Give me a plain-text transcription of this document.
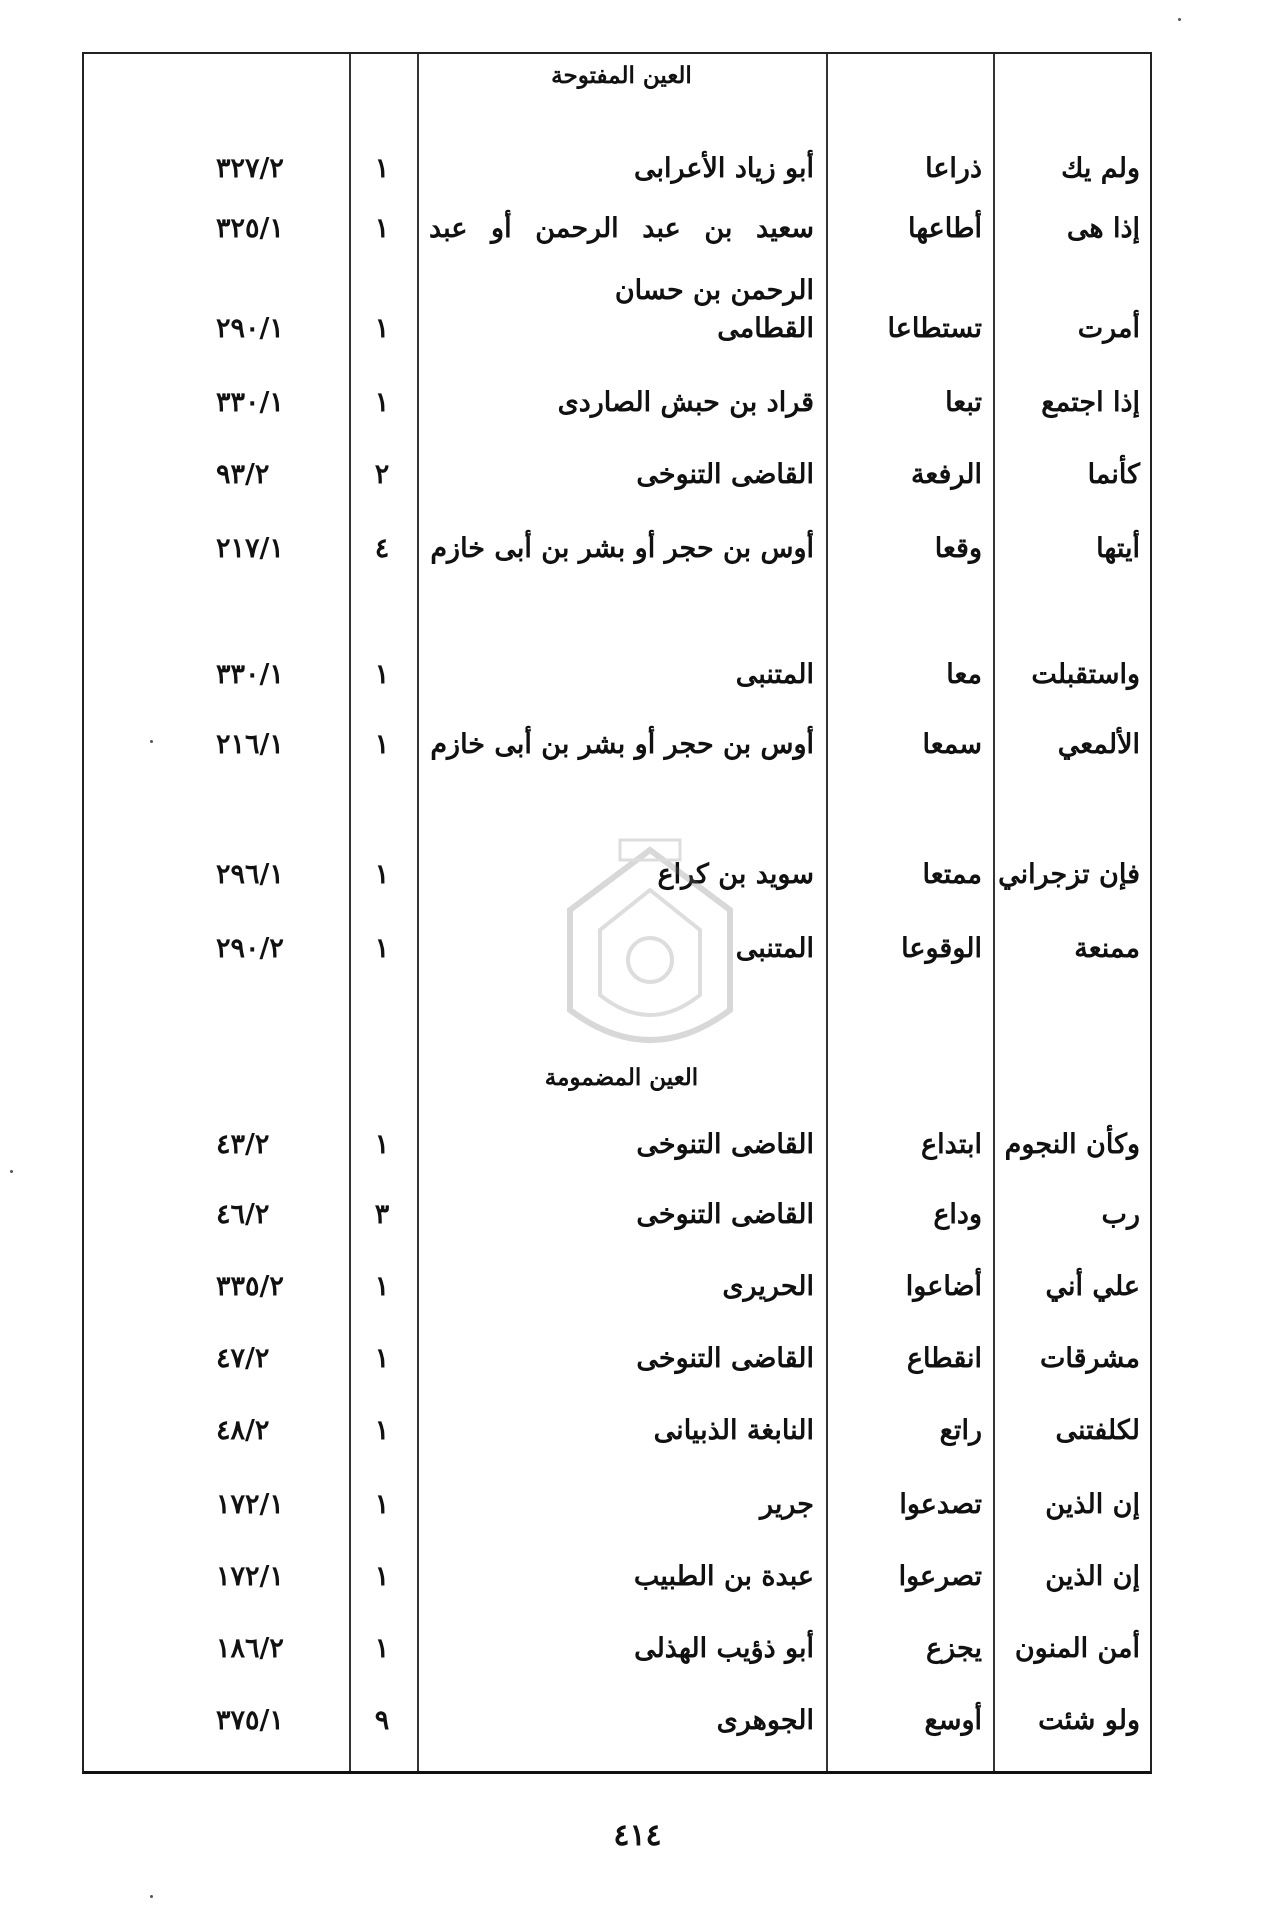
العين المفتوحة
ولم يك
ذراعا
أبو زياد الأعرابى
١
٣٢٧/٢
إذا هى
أطاعها
سعيد بن عبد الرحمن أو عبد الرحمن بن حسان
١
٣٢٥/١
أمرت
تستطاعا
القطامى
١
٢٩٠/١
إذا اجتمع
تبعا
قراد بن حبش الصاردى
١
٣٣٠/١
كأنما
الرفعة
القاضى التنوخى
٢
٩٣/٢
أيتها
وقعا
أوس بن حجر أو بشر بن أبى خازم
٤
٢١٧/١
واستقبلت
معا
المتنبى
١
٣٣٠/١
الألمعي
سمعا
أوس بن حجر أو بشر بن أبى خازم
١
٢١٦/١
فإن تزجراني
ممتعا
سويد بن كراع
١
٢٩٦/١
ممنعة
الوقوعا
المتنبى
١
٢٩٠/٢
العين المضمومة
وكأن النجوم
ابتداع
القاضى التنوخى
١
٤٣/٢
رب
وداع
القاضى التنوخى
٣
٤٦/٢
علي أني
أضاعوا
الحريرى
١
٣٣٥/٢
مشرقات
انقطاع
القاضى التنوخى
١
٤٧/٢
لكلفتنى
راتع
النابغة الذبيانى
١
٤٨/٢
إن الذين
تصدعوا
جرير
١
١٧٢/١
إن الذين
تصرعوا
عبدة بن الطبيب
١
١٧٢/١
أمن المنون
يجزع
أبو ذؤيب الهذلى
١
١٨٦/٢
ولو شئت
أوسع
الجوهرى
٩
٣٧٥/١
٤١٤
